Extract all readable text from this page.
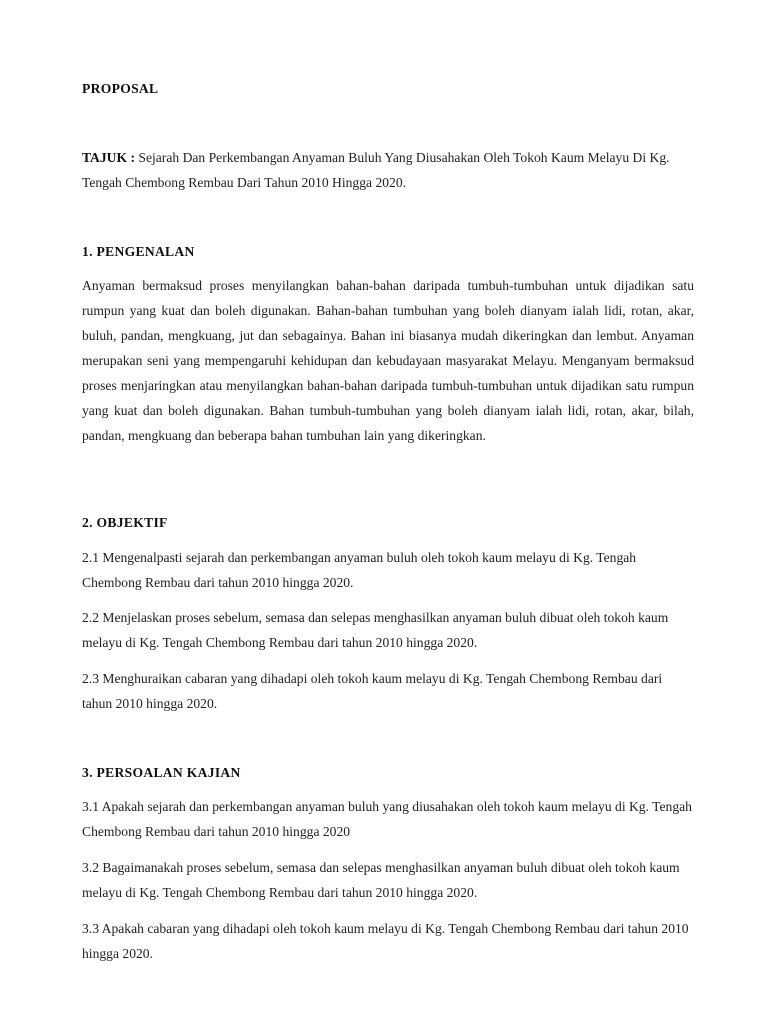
PROPOSAL

TAJUK : Sejarah Dan Perkembangan Anyaman Buluh Yang Diusahakan Oleh Tokoh Kaum Melayu Di Kg. Tengah Chembong Rembau Dari Tahun 2010 Hingga 2020.

1. PENGENALAN

Anyaman bermaksud proses menyilangkan bahan-bahan daripada tumbuh-tumbuhan untuk dijadikan satu rumpun yang kuat dan boleh digunakan. Bahan-bahan tumbuhan yang boleh dianyam ialah lidi, rotan, akar, buluh, pandan, mengkuang, jut dan sebagainya. Bahan ini biasanya mudah dikeringkan dan lembut. Anyaman merupakan seni yang mempengaruhi kehidupan dan kebudayaan masyarakat Melayu. Menganyam bermaksud proses menjaringkan atau menyilangkan bahan-bahan daripada tumbuh-tumbuhan untuk dijadikan satu rumpun yang kuat dan boleh digunakan. Bahan tumbuh-tumbuhan yang boleh dianyam ialah lidi, rotan, akar, bilah, pandan, mengkuang dan beberapa bahan tumbuhan lain yang dikeringkan.

2. OBJEKTIF

2.1 Mengenalpasti sejarah dan perkembangan anyaman buluh oleh tokoh kaum melayu di Kg. Tengah Chembong Rembau dari tahun 2010 hingga 2020.

2.2 Menjelaskan proses sebelum, semasa dan selepas menghasilkan anyaman buluh dibuat oleh tokoh kaum melayu di Kg. Tengah Chembong Rembau dari tahun 2010 hingga 2020.

2.3 Menghuraikan cabaran yang dihadapi oleh tokoh kaum melayu di Kg. Tengah Chembong Rembau dari tahun 2010 hingga 2020.

3. PERSOALAN KAJIAN

3.1 Apakah sejarah dan perkembangan anyaman buluh yang diusahakan oleh tokoh kaum melayu di Kg. Tengah Chembong Rembau dari tahun 2010 hingga 2020

3.2 Bagaimanakah proses sebelum, semasa dan selepas menghasilkan anyaman buluh dibuat oleh tokoh kaum melayu di Kg. Tengah Chembong Rembau dari tahun 2010 hingga 2020.

3.3 Apakah cabaran yang dihadapi oleh tokoh kaum melayu di Kg. Tengah Chembong Rembau dari tahun 2010 hingga 2020.
